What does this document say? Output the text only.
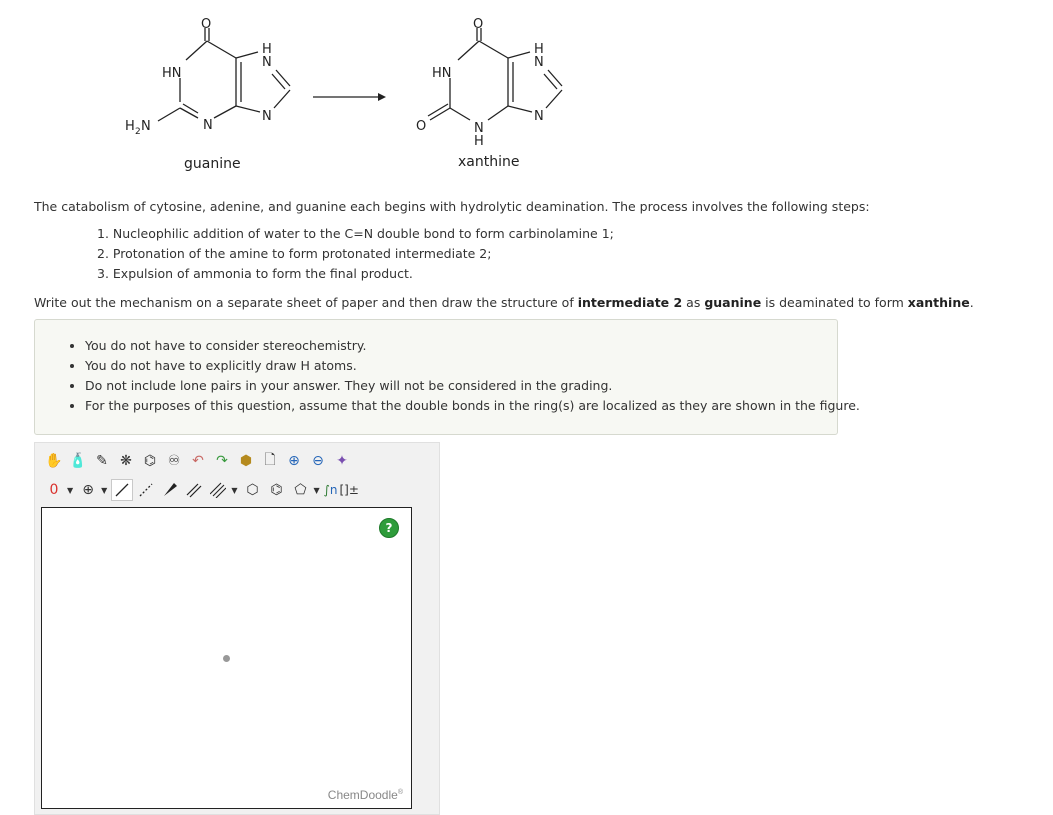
O
HN
N
H 2 N
N
H
N
O
HN
O	N
H
N
H
N
guanine	xanthine
The catabolism of cytosine, adenine, and guanine each begins with hydrolytic deamination. The process involves the following steps:
1. Nucleophilic addition of water to the C=N double bond to form carbinolamine 1;
2. Protonation of the amine to form protonated intermediate 2;
3. Expulsion of ammonia to form the final product.
Write out the mechanism on a separate sheet of paper and then draw the structure of intermediate 2 as guanine is deaminated to form xanthine.
• You do not have to consider stereochemistry.
• You do not have to explicitly draw H atoms.
• Do not include lone pairs in your answer. They will not be considered in the grading.
• For the purposes of this question, assume that the double bonds in the ring(s) are localized as they are shown in the figure.
✋ 🧴 ✎ ❋ ⌬ ♾ ↶ ↷ ⬢ 🗋 ⊕ ⊖ ✦
0	▼ ⊕ ▼	▼ ⬡ ⌬ ⬠ ▼ ∫ n []±
?
ChemDoodle®
